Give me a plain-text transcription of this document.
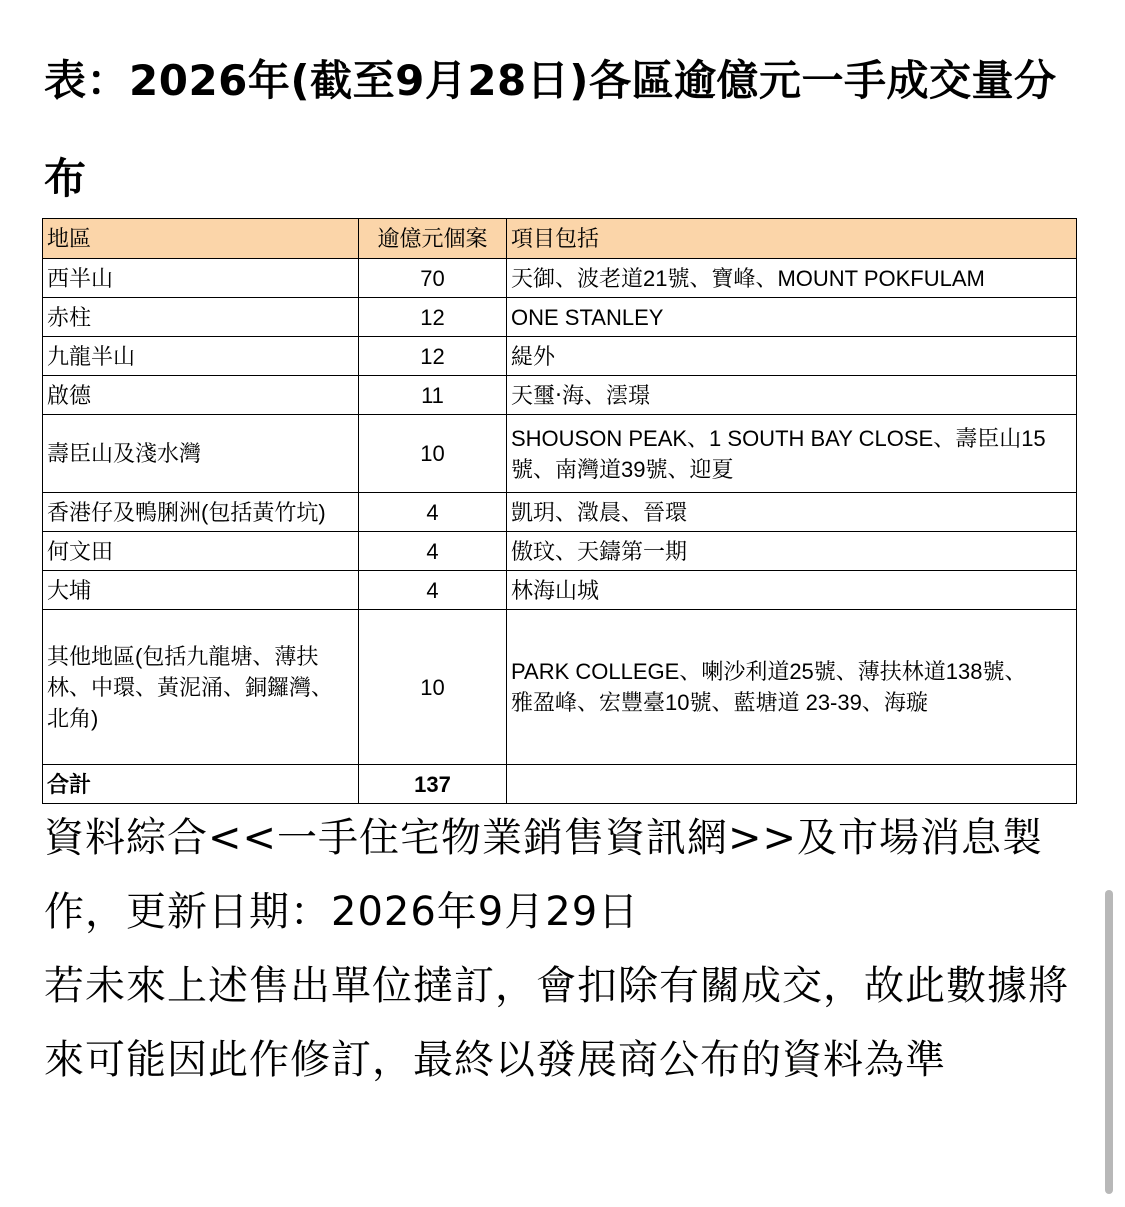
表：2026年(截至9月28日)各區逾億元一手成交量分布
地區	逾億元個案	項目包括
西半山	70	天御、波老道21號、寶峰、MOUNT POKFULAM
赤柱	12	ONE STANLEY
九龍半山	12	緹外
啟德	11	天璽‧海、澐璟
壽臣山及淺水灣	10	SHOUSON PEAK、1 SOUTH BAY CLOSE、壽臣山15號、南灣道39號、迎夏
香港仔及鴨脷洲(包括黃竹坑)	4	凱玥、澂晨、晉環
何文田	4	傲玟、天鑄第一期
大埔	4	林海山城
其他地區(包括九龍塘、薄扶林、中環、黃泥涌、銅鑼灣、北角)	10	PARK COLLEGE、喇沙利道25號、薄扶林道138號、
雅盈峰、宏豐臺10號、藍塘道 23-39、海璇

合計	137	

資料綜合<<一手住宅物業銷售資訊網>>及市場消息製作，更新日期：2026年9月29日

若未來上述售出單位撻訂，會扣除有關成交，故此數據將來可能因此作修訂，最終以發展商公布的資料為準
